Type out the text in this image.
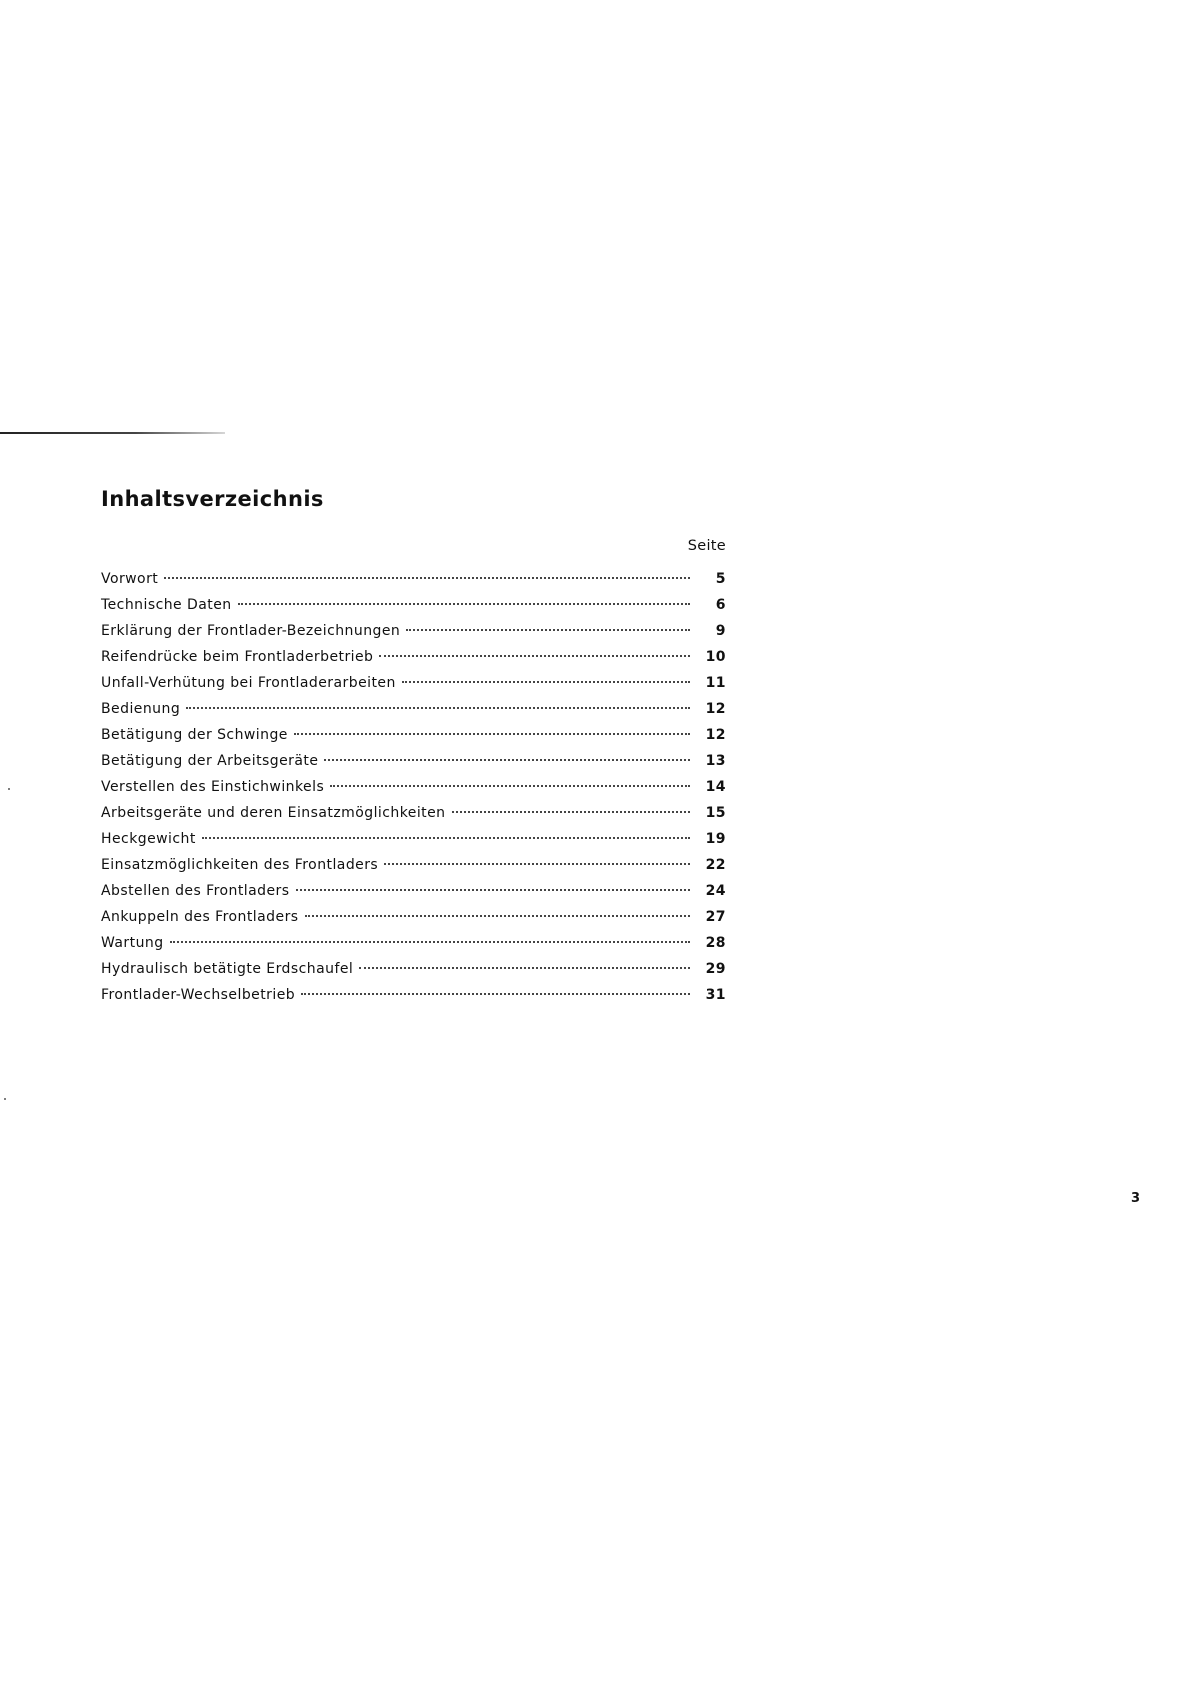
Inhaltsverzeichnis
Seite
Vorwort	5
Technische Daten	6
Erklärung der Frontlader-Bezeichnungen	9
Reifendrücke beim Frontladerbetrieb	10
Unfall-Verhütung bei Frontladerarbeiten	11
Bedienung	12
Betätigung der Schwinge	12
Betätigung der Arbeitsgeräte	13
Verstellen des Einstichwinkels	14
Arbeitsgeräte und deren Einsatzmöglichkeiten	15
Heckgewicht	19
Einsatzmöglichkeiten des Frontladers	22
Abstellen des Frontladers	24
Ankuppeln des Frontladers	27
Wartung	28
Hydraulisch betätigte Erdschaufel	29
Frontlader-Wechselbetrieb	31
3
